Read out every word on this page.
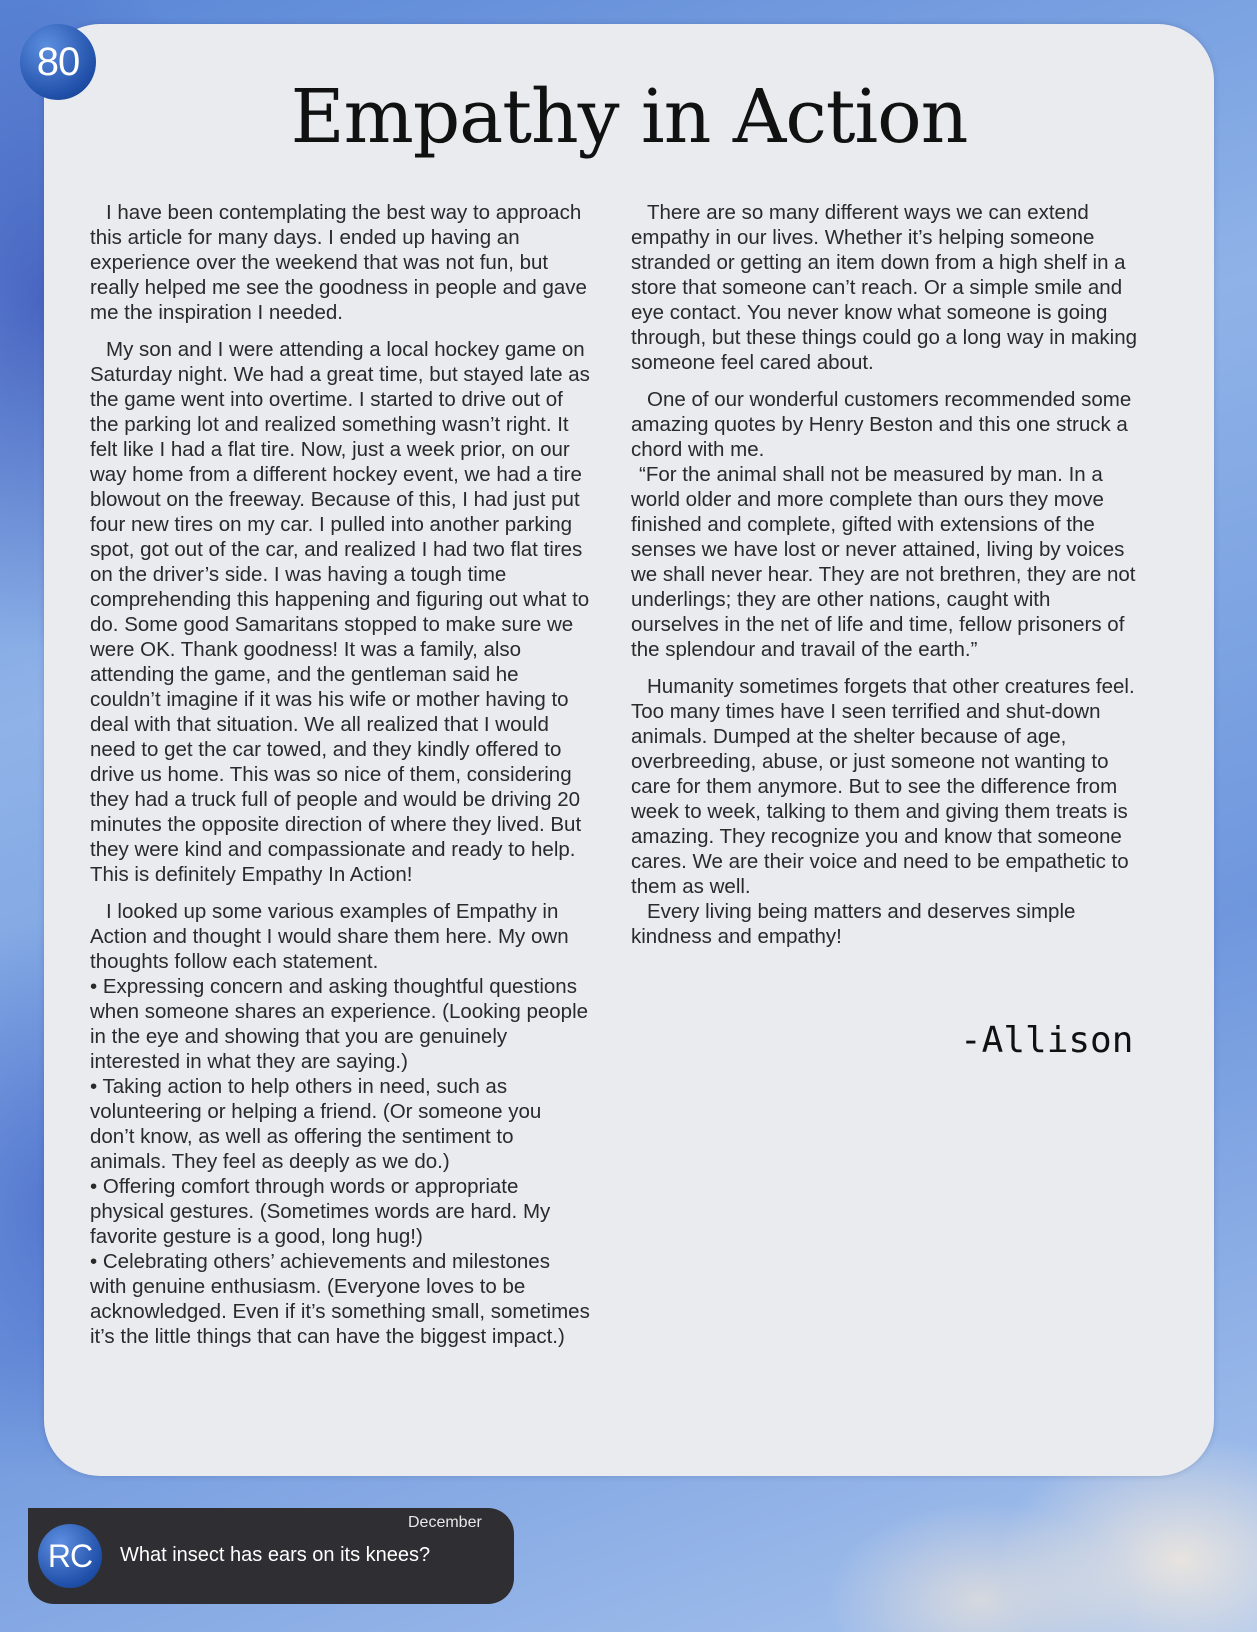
80
Empathy in Action

I have been contemplating the best way to approach this article for many days. I ended up having an experience over the weekend that was not fun, but really helped me see the goodness in people and gave me the inspiration I needed.

My son and I were attending a local hockey game on Saturday night. We had a great time, but stayed late as the game went into overtime. I started to drive out of the parking lot and realized something wasn’t right. It felt like I had a flat tire. Now, just a week prior, on our way home from a different hockey event, we had a tire blowout on the freeway. Because of this, I had just put four new tires on my car. I pulled into another parking spot, got out of the car, and realized I had two flat tires on the driver’s side. I was having a tough time comprehending this happening and figuring out what to do. Some good Samaritans stopped to make sure we were OK. Thank goodness! It was a family, also attending the game, and the gentleman said he couldn’t imagine if it was his wife or mother having to deal with that situation. We all realized that I would need to get the car towed, and they kindly offered to drive us home. This was so nice of them, considering they had a truck full of people and would be driving 20 minutes the opposite direction of where they lived. But they were kind and compassionate and ready to help. This is definitely Empathy In Action!

I looked up some various examples of Empathy in Action and thought I would share them here. My own thoughts follow each statement.

• Expressing concern and asking thoughtful questions when someone shares an experience. (Looking people in the eye and showing that you are genuinely interested in what they are saying.)
• Taking action to help others in need, such as volunteering or helping a friend. (Or someone you don’t know, as well as offering the sentiment to animals. They feel as deeply as we do.)
• Offering comfort through words or appropriate physical gestures. (Sometimes words are hard. My favorite gesture is a good, long hug!)
• Celebrating others’ achievements and milestones with genuine enthusiasm. (Everyone loves to be acknowledged. Even if it’s something small, sometimes it’s the little things that can have the biggest impact.)

There are so many different ways we can extend empathy in our lives. Whether it’s helping someone stranded or getting an item down from a high shelf in a store that someone can’t reach. Or a simple smile and eye contact. You never know what someone is going through, but these things could go a long way in making someone feel cared about.

One of our wonderful customers recommended some amazing quotes by Henry Beston and this one struck a chord with me.

“For the animal shall not be measured by man. In a world older and more complete than ours they move finished and complete, gifted with extensions of the senses we have lost or never attained, living by voices we shall never hear. They are not brethren, they are not underlings; they are other nations, caught with ourselves in the net of life and time, fellow prisoners of the splendour and travail of the earth.”

Humanity sometimes forgets that other creatures feel. Too many times have I seen terrified and shut-down animals. Dumped at the shelter because of age, overbreeding, abuse, or just someone not wanting to care for them anymore. But to see the difference from week to week, talking to them and giving them treats is amazing. They recognize you and know that someone cares. We are their voice and need to be empathetic to them as well.

Every living being matters and deserves simple kindness and empathy!

-Allison
December
RC	What insect has ears on its knees?
